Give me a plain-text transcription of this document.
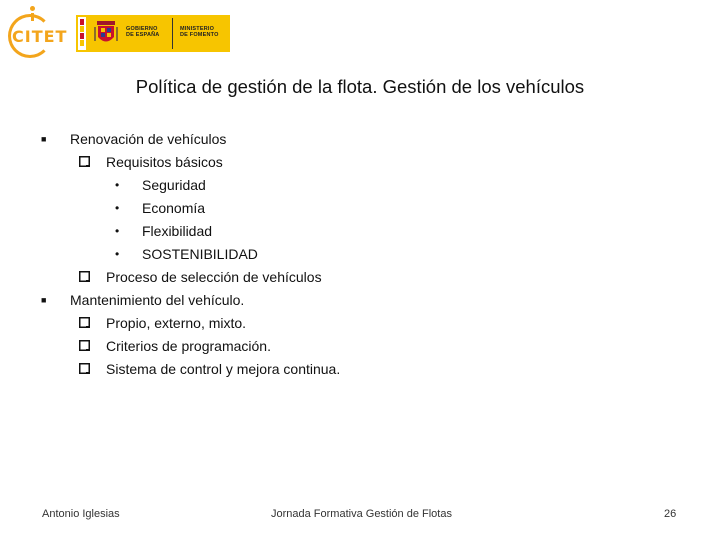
CITET	GOBIERNO
DE ESPAÑA
MINISTERIO
DE FOMENTO
Política de gestión de la flota. Gestión de los vehículos
■ Renovación de vehículos
Requisitos básicos
• Seguridad
• Economía
• Flexibilidad
• SOSTENIBILIDAD
Proceso de selección de vehículos
■ Mantenimiento del vehículo.
Propio, externo, mixto.
Criterios de programación.
Sistema de control y mejora continua.
Antonio Iglesias	Jornada Formativa Gestión de Flotas	26
